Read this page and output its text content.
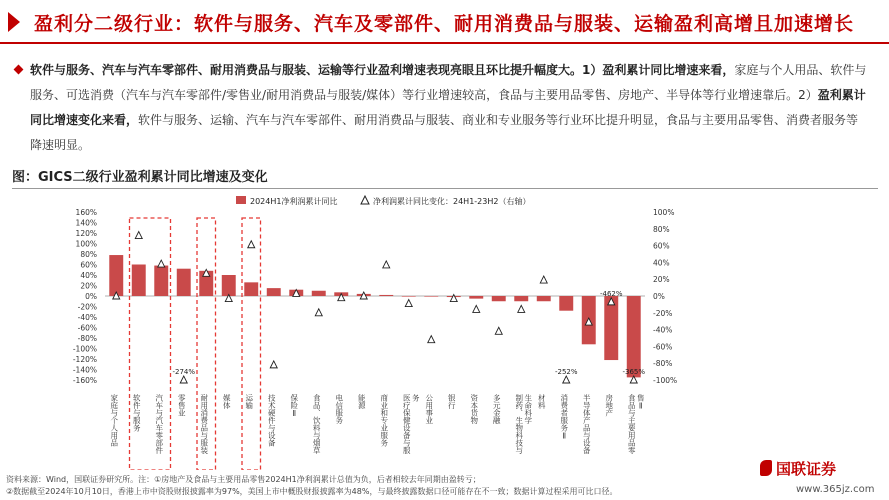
盈利分二级行业：软件与服务、汽车及零部件、耐用消费品与服装、运输盈利高增且加速增长
软件与服务、汽车与汽车零部件、耐用消费品与服装、运输等行业盈利增速表现亮眼且环比提升幅度大。1）盈利累计同比增速来看，家庭与个人用品、软件与服务、可选消费（汽车与汽车零部件/零售业/耐用消费品与服装/媒体）等行业增速较高，食品与主要用品零售、房地产、半导体等行业增速靠后。2）盈利累计同比增速变化来看，软件与服务、运输、汽车与汽车零部件、耐用消费品与服装、商业和专业服务等行业环比提升明显，食品与主要用品零售、消费者服务等降速明显。
图：GICS二级行业盈利累计同比增速及变化
2024H1净利润累计同比	净利润累计同比变化：24H1-23H2（右轴）
160%
140%
120%
100%
80%
60%
40%
20%
0%
-20%
-40%
-60%
-80%
-100%
-120%
-140%
-160%
100%
80%
60%
40%
20%
0%
-20%
-40%
-60%
-80%
-100%
-274%	-252%
-462%
-365%
家庭与个人用品 软件与服务 汽车与汽车零部件 零售业 耐用消费品与服装 媒体 运输 技术硬件与设备 保险Ⅱ 食品、饮料与烟草 电信服务 能源 商业和专业服务 医疗保健设备与服 务 公用事业 银行 资本货物 多元金融 制药、生物科技与 生命科学 材料 消费者服务Ⅱ 半导体产品与设备 房地产 食品与主要用品零 售Ⅱ
资料来源：Wind，国联证券研究所。注：①房地产及食品与主要用品零售2024H1净利润累计总值为负，后者相较去年同期由盈转亏；
②数据截至2024年10月10日，香港上市中资股财报披露率为97%，美国上市中概股财报披露率为48%，与最终披露数据口径可能存在不一致；数据计算过程采用可比口径。
国联证券
www.365jz.com
